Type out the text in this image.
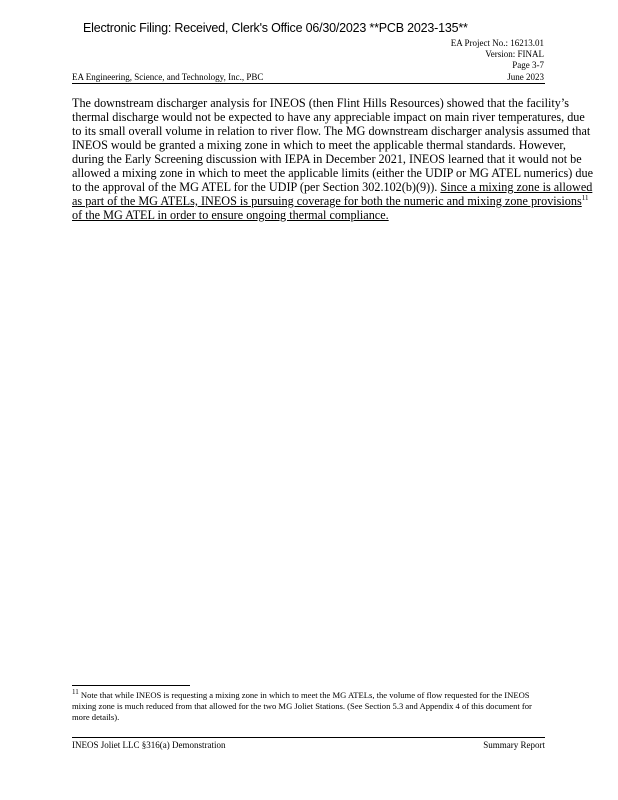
Electronic Filing: Received, Clerk's Office 06/30/2023 **PCB 2023-135**
EA Project No.: 16213.01
Version: FINAL
Page 3-7
June 2023
EA Engineering, Science, and Technology, Inc., PBC

The downstream discharger analysis for INEOS (then Flint Hills Resources) showed that the facility’s thermal discharge would not be expected to have any appreciable impact on main river temperatures, due to its small overall volume in relation to river flow. The MG downstream discharger analysis assumed that INEOS would be granted a mixing zone in which to meet the applicable thermal standards. However, during the Early Screening discussion with IEPA in December 2021, INEOS learned that it would not be allowed a mixing zone in which to meet the applicable limits (either the UDIP or MG ATEL numerics) due to the approval of the MG ATEL for the UDIP (per Section 302.102(b)(9)). Since a mixing zone is allowed as part of the MG ATELs, INEOS is pursuing coverage for both the numeric and mixing zone provisions$^{11}$ of the MG ATEL in order to ensure ongoing thermal compliance.

$^{11}$ Note that while INEOS is requesting a mixing zone in which to meet the MG ATELs, the volume of flow requested for the INEOS mixing zone is much reduced from that allowed for the two MG Joliet Stations. (See Section 5.3 and Appendix 4 of this document for more details).
INEOS Joliet LLC §316(a) Demonstration	Summary Report
